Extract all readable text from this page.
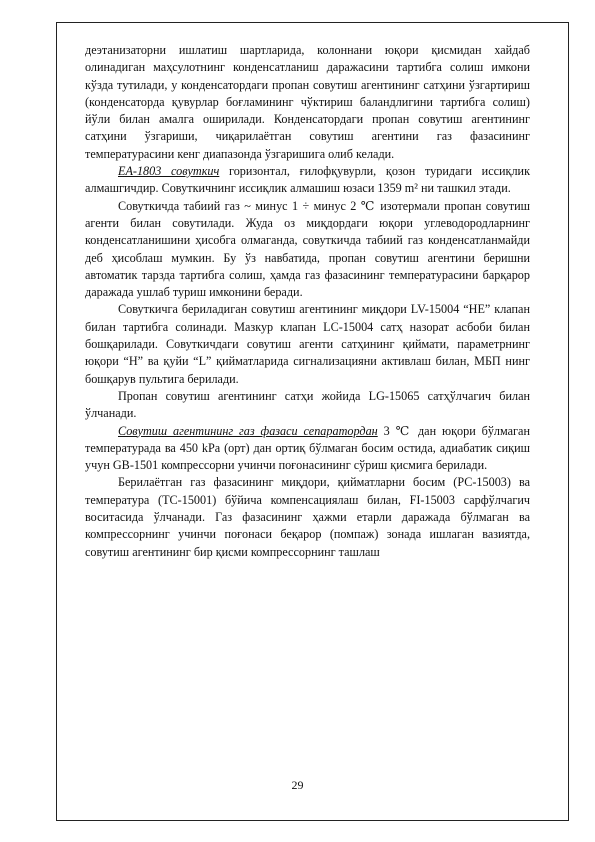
деэтанизаторни ишлатиш шартларида, колоннани юқори қисмидан хайдаб олинадиган маҳсулотнинг конденсатланиш даражасини тартибга солиш имкони кўзда тутилади, у конденсатордаги пропан совутиш агентининг сатҳини ўзгартириш (конденсаторда қувурлар боғламининг чўктириш баландлигини тартибга солиш) йўли билан амалга оширилади. Конденсатордаги пропан совутиш агентининг сатҳини ўзгариши, чиқарилаётган совутиш агентини газ фазасининг температурасини кенг диапазонда ўзгаришига олиб келади.

ЕА-1803 совуткич горизонтал, ғилофқувурли, қозон туридаги иссиқлик алмашгичдир. Совуткичнинг иссиқлик алмашиш юзаси 1359 m² ни ташкил этади.

Совуткичда табиий газ ~ минус 1 ÷ минус 2 ℃ изотермали пропан совутиш агенти билан совутилади. Жуда оз миқдордаги юқори углеводородларнинг конденсатланишини ҳисобга олмаганда, совуткичда табиий газ конденсатланмайди деб ҳисоблаш мумкин. Бу ўз навбатида, пропан совутиш агентини беришни автоматик тарзда тартибга солиш, ҳамда газ фазасининг температурасини барқарор даражада ушлаб туриш имконини беради.

Совуткичга бериладиган совутиш агентининг миқдори LV-15004 “НЕ” клапан билан тартибга солинади. Мазкур клапан LC-15004 сатҳ назорат асбоби билан бошқарилади. Совуткичдаги совутиш агенти сатҳининг қиймати, параметрнинг юқори “Н” ва қуйи “L” қийматларида сигнализацияни активлаш билан, МБП нинг бошқарув пультига берилади.

Пропан совутиш агентининг сатҳи жойида LG-15065 сатҳўлчагич билан ўлчанади.

Совутиш агентининг газ фазаси сепаратордан 3 ℃ дан юқори бўлмаган температурада ва 450 kPa (орт) дан ортиқ бўлмаган босим остида, адиабатик сиқиш учун GВ-1501 компрессорни учинчи поғонасининг сўриш қисмига берилади.

Берилаётган газ фазасининг миқдори, қийматларни босим (РС-15003) ва температура (ТС-15001) бўйича компенсациялаш билан, FI-15003 сарфўлчагич воситасида ўлчанади. Газ фазасининг ҳажми етарли даражада бўлмаган ва компрессорнинг учинчи поғонаси беқарор (помпаж) зонада ишлаган вазиятда, совутиш агентининг бир қисми компрессорнинг ташлаш

29
